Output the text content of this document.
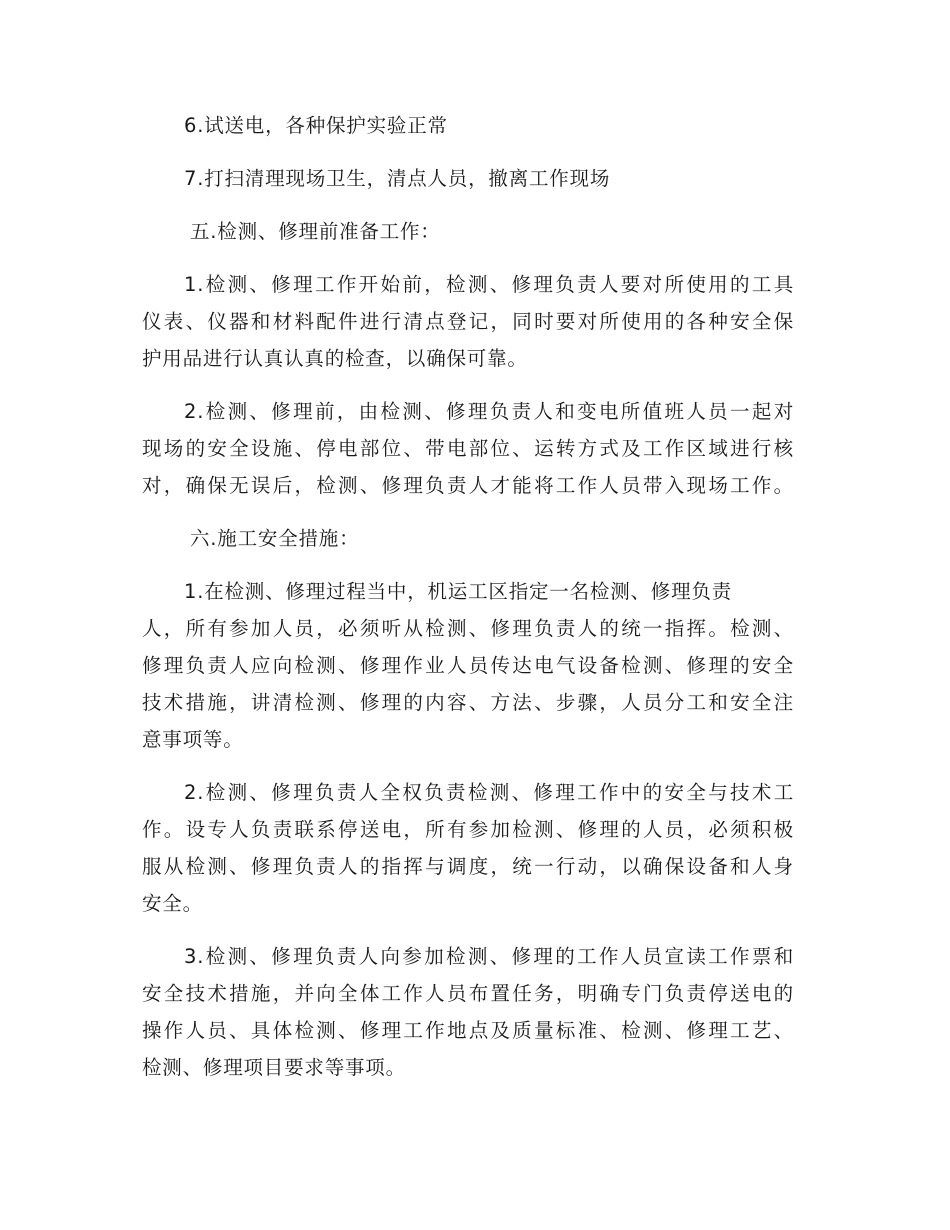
6.试送电，各种保护实验正常
7.打扫清理现场卫生，清点人员，撤离工作现场
五.检测、修理前准备工作：
1.检测、修理工作开始前，检测、修理负责人要对所使用的工具
仪表、仪器和材料配件进行清点登记，同时要对所使用的各种安全保
护用品进行认真认真的检查，以确保可靠。
2.检测、修理前，由检测、修理负责人和变电所值班人员一起对
现场的安全设施、停电部位、带电部位、运转方式及工作区域进行核
对，确保无误后，检测、修理负责人才能将工作人员带入现场工作。
六.施工安全措施：
1.在检测、修理过程当中，机运工区指定一名检测、修理负责
人，所有参加人员，必须听从检测、修理负责人的统一指挥。检测、
修理负责人应向检测、修理作业人员传达电气设备检测、修理的安全
技术措施，讲清检测、修理的内容、方法、步骤，人员分工和安全注
意事项等。
2.检测、修理负责人全权负责检测、修理工作中的安全与技术工
作。设专人负责联系停送电，所有参加检测、修理的人员，必须积极
服从检测、修理负责人的指挥与调度，统一行动，以确保设备和人身
安全。
3.检测、修理负责人向参加检测、修理的工作人员宣读工作票和
安全技术措施，并向全体工作人员布置任务，明确专门负责停送电的
操作人员、具体检测、修理工作地点及质量标准、检测、修理工艺、
检测、修理项目要求等事项。
